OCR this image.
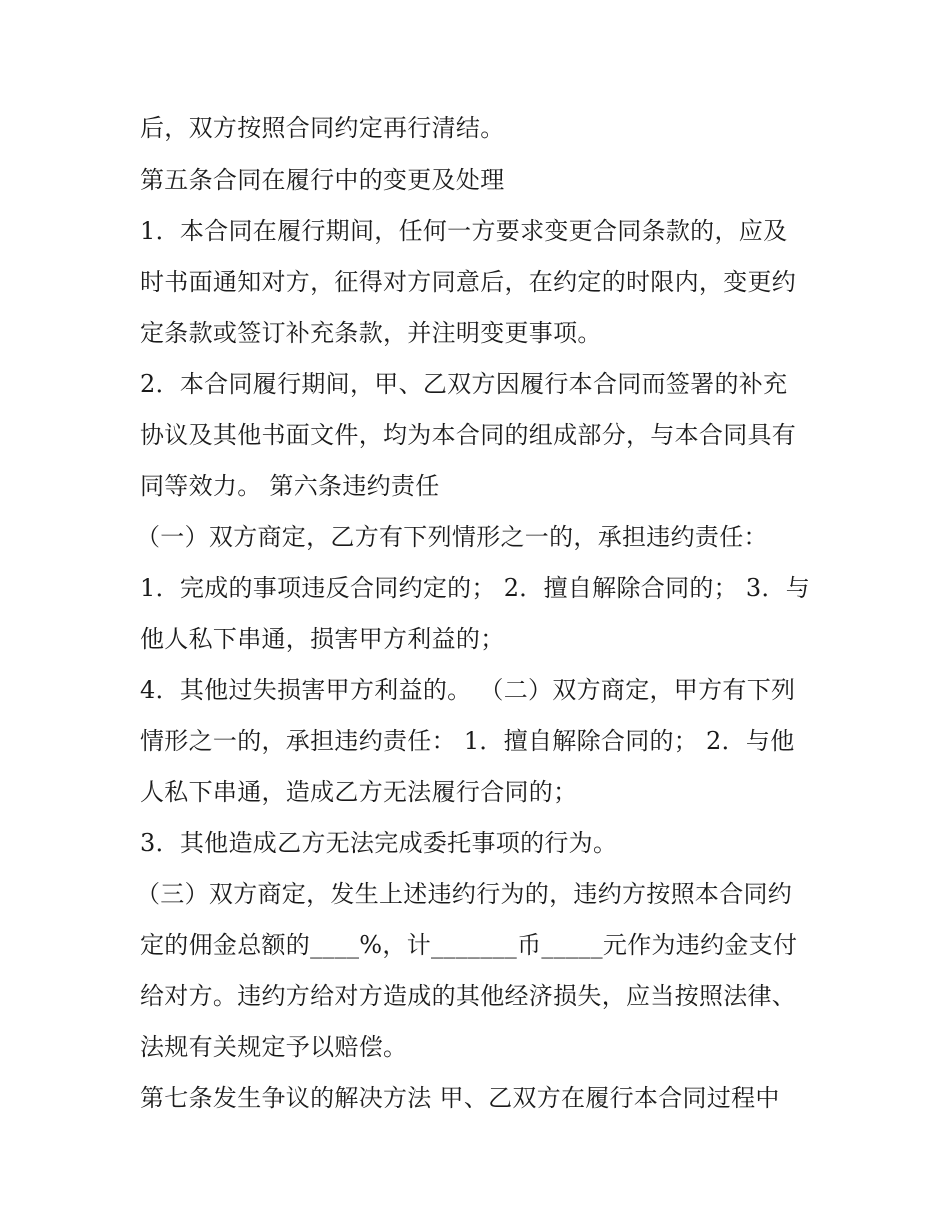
后，双方按照合同约定再行清结。

第五条合同在履行中的变更及处理

1．本合同在履行期间，任何一方要求变更合同条款的，应及

时书面通知对方，征得对方同意后，在约定的时限内，变更约

定条款或签订补充条款，并注明变更事项。

2．本合同履行期间，甲、乙双方因履行本合同而签署的补充

协议及其他书面文件，均为本合同的组成部分，与本合同具有

同等效力。 第六条违约责任

（一）双方商定，乙方有下列情形之一的，承担违约责任：

1．完成的事项违反合同约定的； 2．擅自解除合同的； 3．与

他人私下串通，损害甲方利益的；

4．其他过失损害甲方利益的。 （二）双方商定，甲方有下列

情形之一的，承担违约责任： 1．擅自解除合同的； 2．与他

人私下串通，造成乙方无法履行合同的；

3．其他造成乙方无法完成委托事项的行为。

（三）双方商定，发生上述违约行为的，违约方按照本合同约

定的佣金总额的____%，计_______币_____元作为违约金支付

给对方。违约方给对方造成的其他经济损失，应当按照法律、

法规有关规定予以赔偿。

第七条发生争议的解决方法 甲、乙双方在履行本合同过程中
